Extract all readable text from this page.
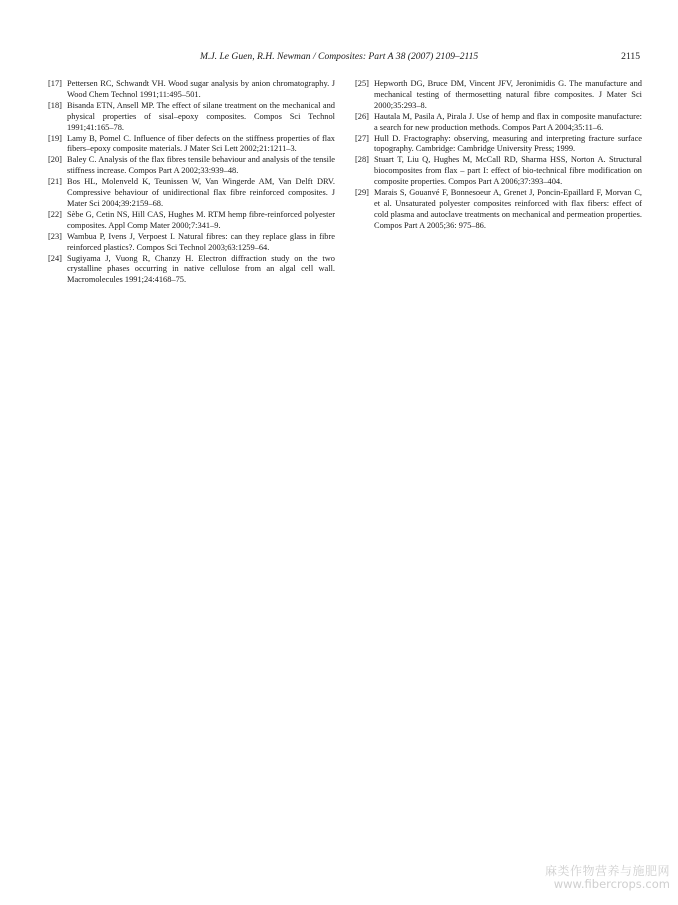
M.J. Le Guen, R.H. Newman / Composites: Part A 38 (2007) 2109–2115	2115
[17] Pettersen RC, Schwandt VH. Wood sugar analysis by anion chromatography. J Wood Chem Technol 1991;11:495–501.
[18] Bisanda ETN, Ansell MP. The effect of silane treatment on the mechanical and physical properties of sisal–epoxy composites. Compos Sci Technol 1991;41:165–78.
[19] Lamy B, Pomel C. Influence of fiber defects on the stiffness properties of flax fibers–epoxy composite materials. J Mater Sci Lett 2002;21:1211–3.
[20] Baley C. Analysis of the flax fibres tensile behaviour and analysis of the tensile stiffness increase. Compos Part A 2002;33:939–48.
[21] Bos HL, Molenveld K, Teunissen W, Van Wingerde AM, Van Delft DRV. Compressive behaviour of unidirectional flax fibre reinforced composites. J Mater Sci 2004;39:2159–68.
[22] Sèbe G, Cetin NS, Hill CAS, Hughes M. RTM hemp fibre-reinforced polyester composites. Appl Comp Mater 2000;7:341–9.
[23] Wambua P, Ivens J, Verpoest I. Natural fibres: can they replace glass in fibre reinforced plastics?. Compos Sci Technol 2003;63:1259–64.
[24] Sugiyama J, Vuong R, Chanzy H. Electron diffraction study on the two crystalline phases occurring in native cellulose from an algal cell wall. Macromolecules 1991;24:4168–75.
[25] Hepworth DG, Bruce DM, Vincent JFV, Jeronimidis G. The manufacture and mechanical testing of thermosetting natural fibre composites. J Mater Sci 2000;35:293–8.
[26] Hautala M, Pasila A, Pirala J. Use of hemp and flax in composite manufacture: a search for new production methods. Compos Part A 2004;35:11–6.
[27] Hull D. Fractography: observing, measuring and interpreting fracture surface topography. Cambridge: Cambridge University Press; 1999.
[28] Stuart T, Liu Q, Hughes M, McCall RD, Sharma HSS, Norton A. Structural biocomposites from flax – part I: effect of bio-technical fibre modification on composite properties. Compos Part A 2006;37:393–404.
[29] Marais S, Gouanvé F, Bonnesoeur A, Grenet J, Poncin-Epaillard F, Morvan C, et al. Unsaturated polyester composites reinforced with flax fibers: effect of cold plasma and autoclave treatments on mechanical and permeation properties. Compos Part A 2005;36: 975–86.
麻类作物营养与施肥网
www.fibercrops.com
